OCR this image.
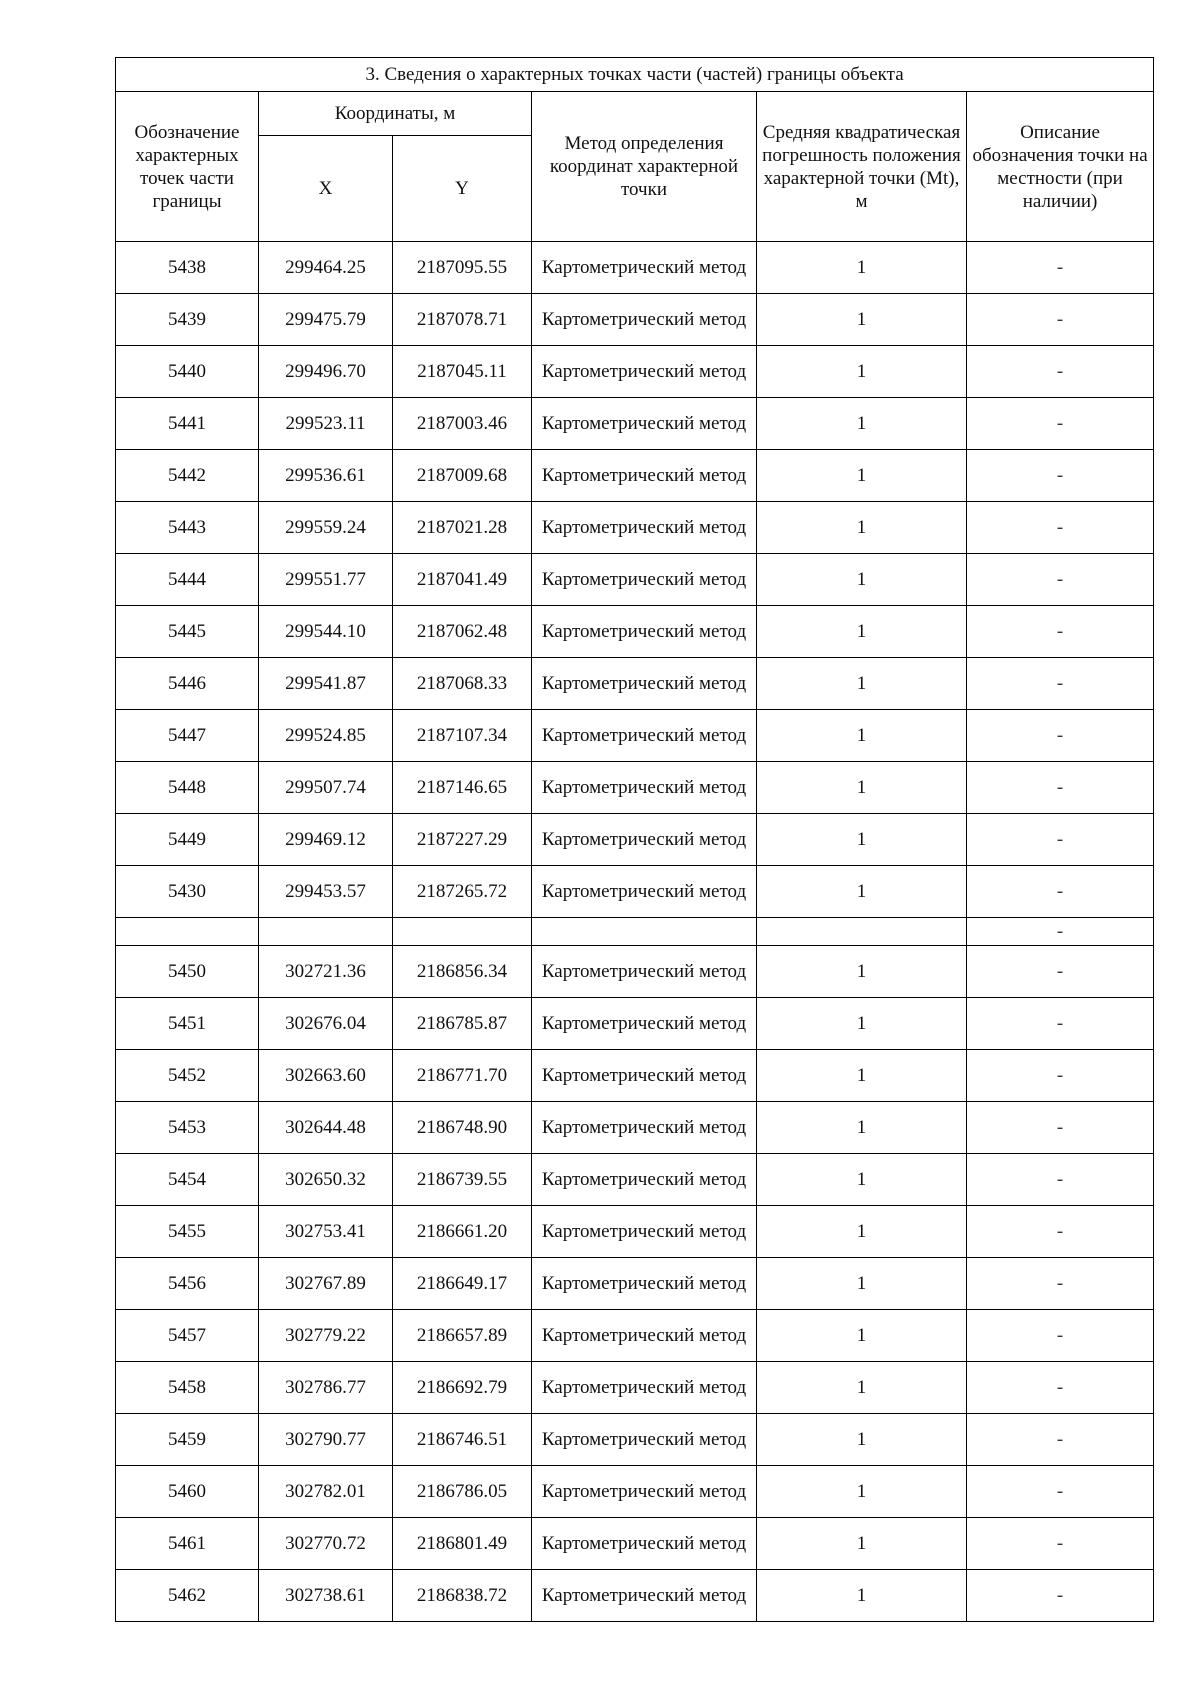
3. Сведения о характерных точках части (частей) границы объекта					
Обозначение характерных точек части границы	Координаты, м		Метод определения координат характерной точки	Средняя квадратическая погрешность положения характерной точки (Mt), м	Описание обозначения точки на местности (при наличии)
	X	Y			
5438	299464.25	2187095.55	Картометрический метод	1	-
5439	299475.79	2187078.71	Картометрический метод	1	-
5440	299496.70	2187045.11	Картометрический метод	1	-
5441	299523.11	2187003.46	Картометрический метод	1	-
5442	299536.61	2187009.68	Картометрический метод	1	-
5443	299559.24	2187021.28	Картометрический метод	1	-
5444	299551.77	2187041.49	Картометрический метод	1	-
5445	299544.10	2187062.48	Картометрический метод	1	-
5446	299541.87	2187068.33	Картометрический метод	1	-
5447	299524.85	2187107.34	Картометрический метод	1	-
5448	299507.74	2187146.65	Картометрический метод	1	-
5449	299469.12	2187227.29	Картометрический метод	1	-
5430	299453.57	2187265.72	Картометрический метод	1	-
					-
5450	302721.36	2186856.34	Картометрический метод	1	-
5451	302676.04	2186785.87	Картометрический метод	1	-
5452	302663.60	2186771.70	Картометрический метод	1	-
5453	302644.48	2186748.90	Картометрический метод	1	-
5454	302650.32	2186739.55	Картометрический метод	1	-
5455	302753.41	2186661.20	Картометрический метод	1	-
5456	302767.89	2186649.17	Картометрический метод	1	-
5457	302779.22	2186657.89	Картометрический метод	1	-
5458	302786.77	2186692.79	Картометрический метод	1	-
5459	302790.77	2186746.51	Картометрический метод	1	-
5460	302782.01	2186786.05	Картометрический метод	1	-
5461	302770.72	2186801.49	Картометрический метод	1	-
5462	302738.61	2186838.72	Картометрический метод	1	-
